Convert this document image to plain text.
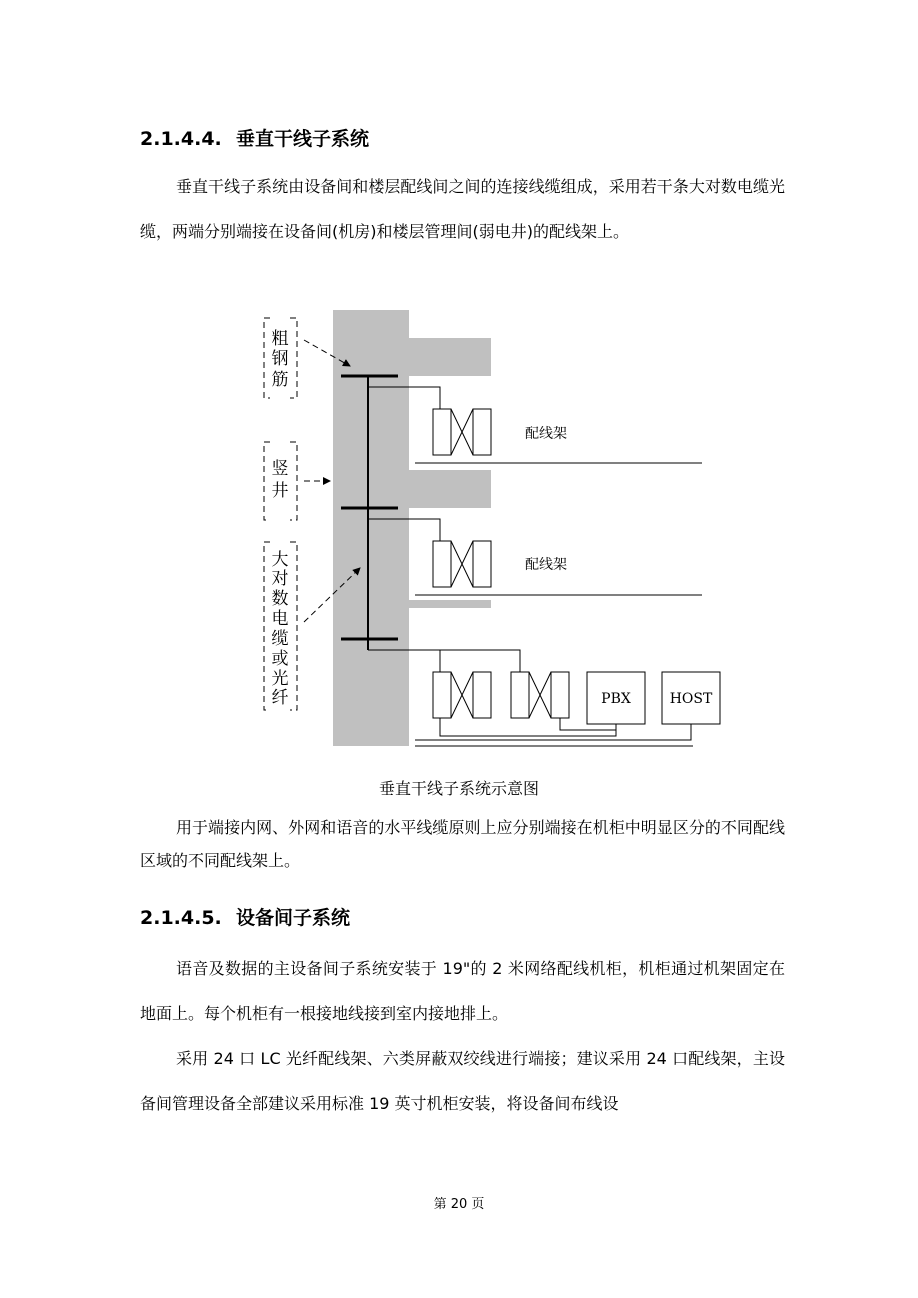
2.1.4.4. 垂直干线子系统

垂直干线子系统由设备间和楼层配线间之间的连接线缆组成，采用若干条大对数电缆光缆，两端分别端接在设备间(机房)和楼层管理间(弱电井)的配线架上。

配线架
配线架
PBX	HOST
粗
钢
筋
竖
井
大
对
数
电
缆
或
光
纤
垂直干线子系统示意图

用于端接内网、外网和语音的水平线缆原则上应分别端接在机柜中明显区分的不同配线区域的不同配线架上。

2.1.4.5. 设备间子系统

语音及数据的主设备间子系统安装于 19"的 2 米网络配线机柜，机柜通过机架固定在地面上。每个机柜有一根接地线接到室内接地排上。

采用 24 口 LC 光纤配线架、六类屏蔽双绞线进行端接；建议采用 24 口配线架，主设备间管理设备全部建议采用标准 19 英寸机柜安装，将设备间布线设

第 20 页
